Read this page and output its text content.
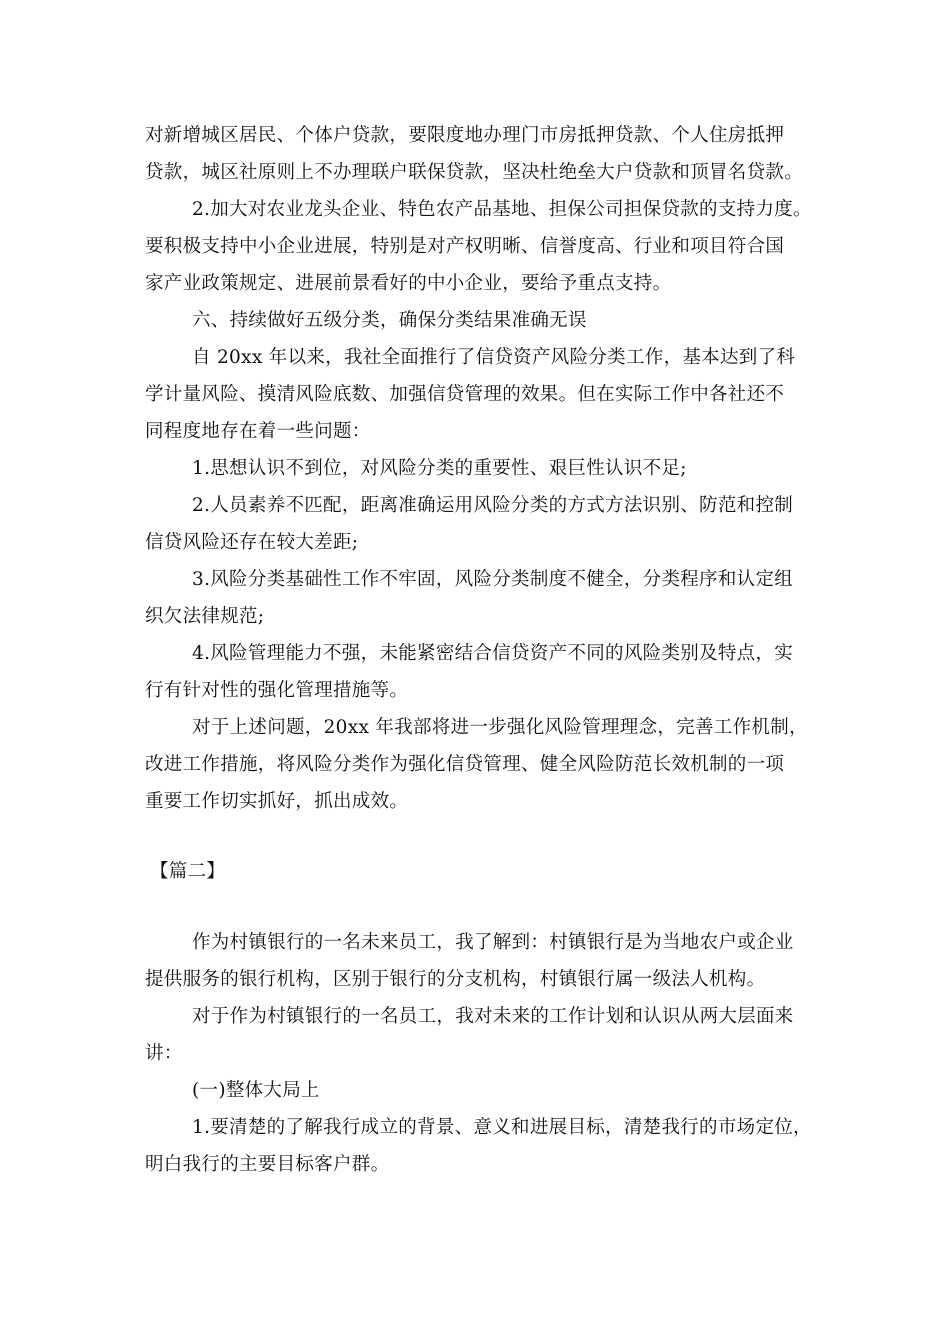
对新增城区居民、个体户贷款，要限度地办理门市房抵押贷款、个人住房抵押
贷款，城区社原则上不办理联户联保贷款，坚决杜绝垒大户贷款和顶冒名贷款。
2.加大对农业龙头企业、特色农产品基地、担保公司担保贷款的支持力度。
要积极支持中小企业进展，特别是对产权明晰、信誉度高、行业和项目符合国
家产业政策规定、进展前景看好的中小企业，要给予重点支持。
六、持续做好五级分类，确保分类结果准确无误
自 20xx 年以来，我社全面推行了信贷资产风险分类工作，基本达到了科
学计量风险、摸清风险底数、加强信贷管理的效果。但在实际工作中各社还不
同程度地存在着一些问题：
1.思想认识不到位，对风险分类的重要性、艰巨性认识不足;
2.人员素养不匹配，距离准确运用风险分类的方式方法识别、防范和控制
信贷风险还存在较大差距;
3.风险分类基础性工作不牢固，风险分类制度不健全，分类程序和认定组
织欠法律规范;
4.风险管理能力不强，未能紧密结合信贷资产不同的风险类别及特点，实
行有针对性的强化管理措施等。
对于上述问题，20xx 年我部将进一步强化风险管理理念，完善工作机制，
改进工作措施，将风险分类作为强化信贷管理、健全风险防范长效机制的一项
重要工作切实抓好，抓出成效。
【篇二】
作为村镇银行的一名未来员工，我了解到：村镇银行是为当地农户或企业
提供服务的银行机构，区别于银行的分支机构，村镇银行属一级法人机构。
对于作为村镇银行的一名员工，我对未来的工作计划和认识从两大层面来
讲：
(一)整体大局上
1.要清楚的了解我行成立的背景、意义和进展目标，清楚我行的市场定位，
明白我行的主要目标客户群。
